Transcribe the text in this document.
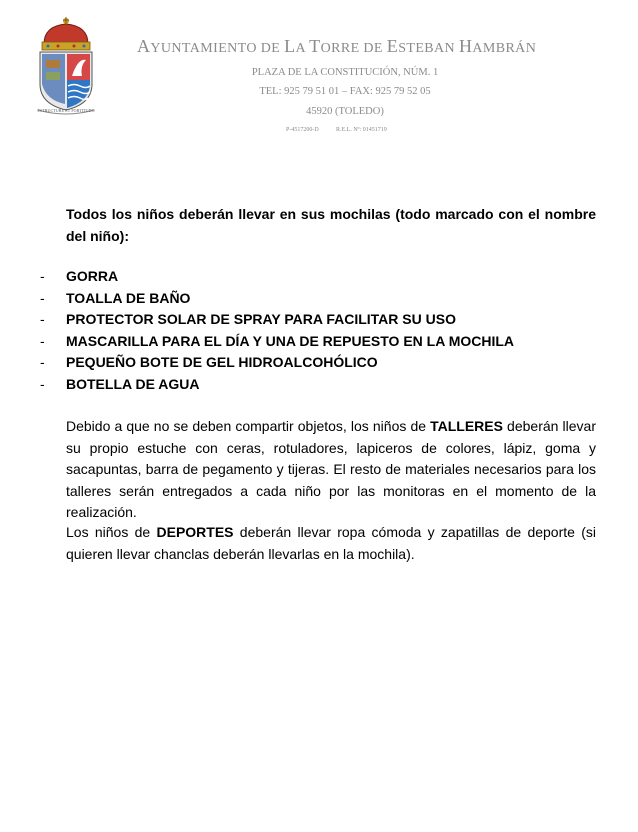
ESTRUCTURE ET FORTITUDO
AYUNTAMIENTO DE LA TORRE DE ESTEBAN HAMBRÁN
PLAZA DE LA CONSTITUCIÓN, NÚM. 1
TEL: 925 79 51 01 – FAX: 925 79 52 05
45920 (TOLEDO)
P-4517200-D	R.E.L. Nº: 01451719
Todos los niños deberán llevar en sus mochilas (todo marcado con el nombre del niño):
- GORRA
- TOALLA DE BAÑO
- PROTECTOR SOLAR DE SPRAY PARA FACILITAR SU USO
- MASCARILLA PARA EL DÍA Y UNA DE REPUESTO EN LA MOCHILA
- PEQUEÑO BOTE DE GEL HIDROALCOHÓLICO
- BOTELLA DE AGUA
Debido a que no se deben compartir objetos, los niños de TALLERES deberán llevar su propio estuche con ceras, rotuladores, lapiceros de colores, lápiz, goma y sacapuntas, barra de pegamento y tijeras. El resto de materiales necesarios para los talleres serán entregados a cada niño por las monitoras en el momento de la realización.
Los niños de DEPORTES deberán llevar ropa cómoda y zapatillas de deporte (si quieren llevar chanclas deberán llevarlas en la mochila).
